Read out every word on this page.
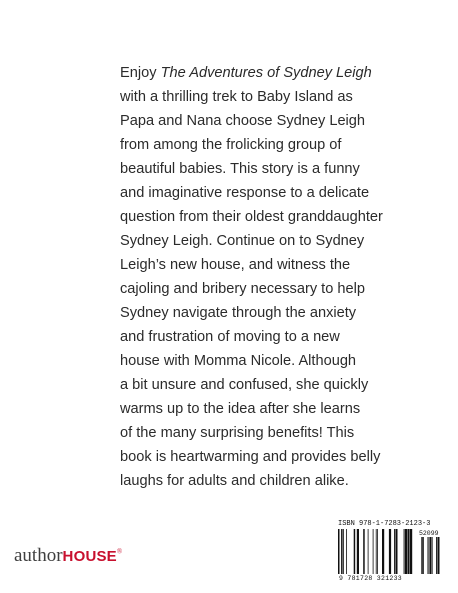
Enjoy The Adventures of Sydney Leigh
with a thrilling trek to Baby Island as
Papa and Nana choose Sydney Leigh
from among the frolicking group of
beautiful babies. This story is a funny
and imaginative response to a delicate
question from their oldest granddaughter
Sydney Leigh. Continue on to Sydney
Leigh’s new house, and witness the
cajoling and bribery necessary to help
Sydney navigate through the anxiety
and frustration of moving to a new
house with Momma Nicole. Although
a bit unsure and confused, she quickly
warms up to the idea after she learns
of the many surprising benefits! This
book is heartwarming and provides belly
laughs for adults and children alike.
authorHOUSE®
ISBN 978-1-7283-2123-3
52099
9 781728 321233
